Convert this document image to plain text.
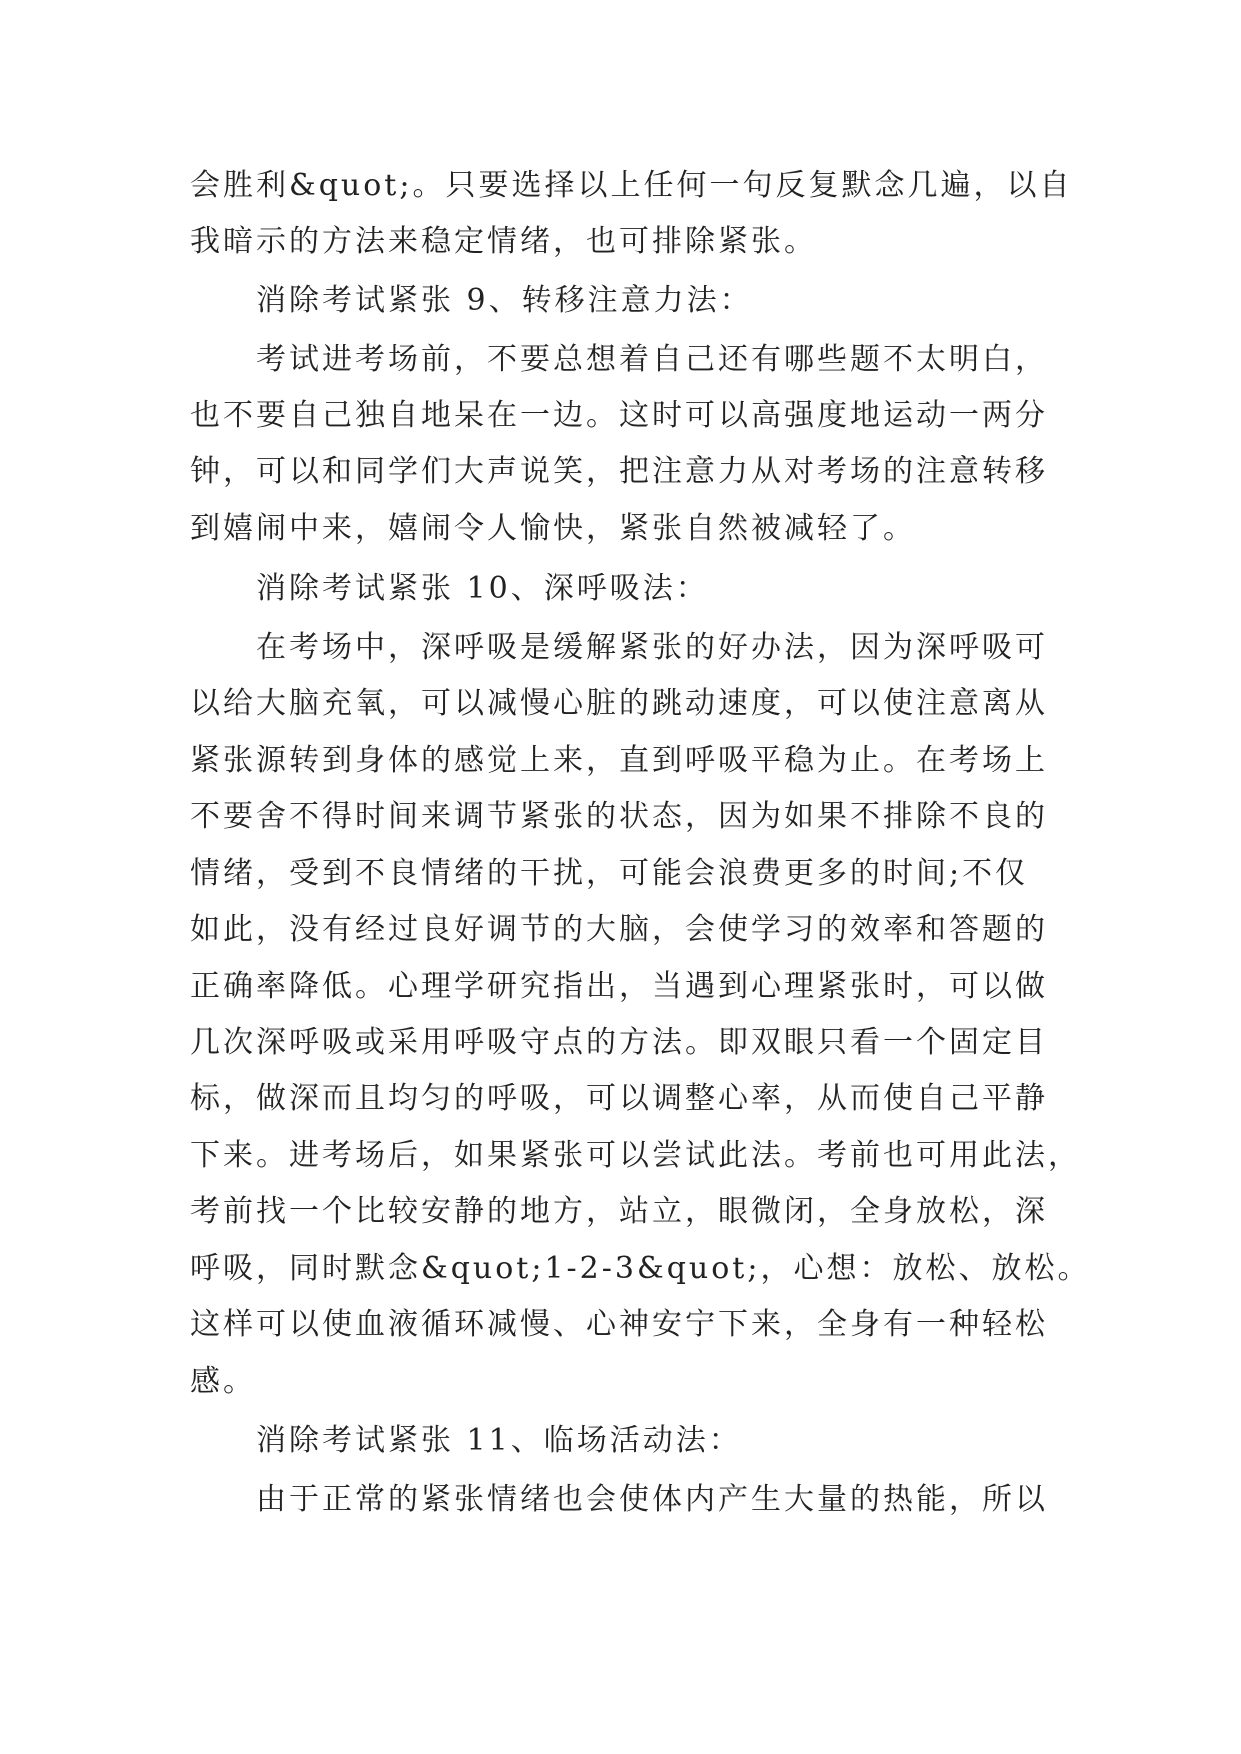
会胜利&quot;。只要选择以上任何一句反复默念几遍，以自
我暗示的方法来稳定情绪，也可排除紧张。
消除考试紧张 9、转移注意力法：
考试进考场前，不要总想着自己还有哪些题不太明白，
也不要自己独自地呆在一边。这时可以高强度地运动一两分
钟，可以和同学们大声说笑，把注意力从对考场的注意转移
到嬉闹中来，嬉闹令人愉快，紧张自然被减轻了。
消除考试紧张 10、深呼吸法：
在考场中，深呼吸是缓解紧张的好办法，因为深呼吸可
以给大脑充氧，可以减慢心脏的跳动速度，可以使注意离从
紧张源转到身体的感觉上来，直到呼吸平稳为止。在考场上
不要舍不得时间来调节紧张的状态，因为如果不排除不良的
情绪，受到不良情绪的干扰，可能会浪费更多的时间;不仅
如此，没有经过良好调节的大脑，会使学习的效率和答题的
正确率降低。心理学研究指出，当遇到心理紧张时，可以做
几次深呼吸或采用呼吸守点的方法。即双眼只看一个固定目
标，做深而且均匀的呼吸，可以调整心率，从而使自己平静
下来。进考场后，如果紧张可以尝试此法。考前也可用此法，
考前找一个比较安静的地方，站立，眼微闭，全身放松，深
呼吸，同时默念&quot;1-2-3&quot;，心想：放松、放松。
这样可以使血液循环减慢、心神安宁下来，全身有一种轻松
感。
消除考试紧张 11、临场活动法：
由于正常的紧张情绪也会使体内产生大量的热能，所以
